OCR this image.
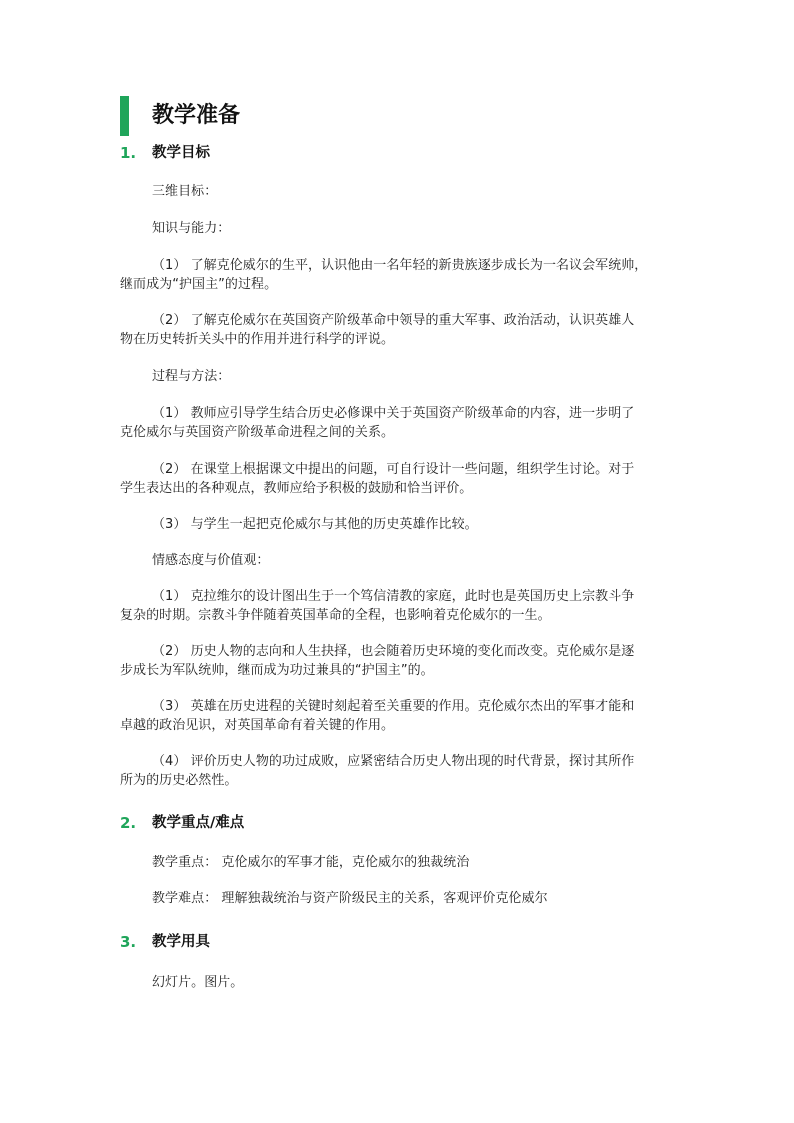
教学准备
1. 教学目标
三维目标：
知识与能力：
（1） 了解克伦威尔的生平，认识他由一名年轻的新贵族逐步成长为一名议会军统帅，
继而成为“护国主”的过程。
（2） 了解克伦威尔在英国资产阶级革命中领导的重大军事、政治活动，认识英雄人
物在历史转折关头中的作用并进行科学的评说。
过程与方法：
（1） 教师应引导学生结合历史必修课中关于英国资产阶级革命的内容，进一步明了
克伦威尔与英国资产阶级革命进程之间的关系。
（2） 在课堂上根据课文中提出的问题，可自行设计一些问题，组织学生讨论。对于
学生表达出的各种观点，教师应给予积极的鼓励和恰当评价。
（3） 与学生一起把克伦威尔与其他的历史英雄作比较。
情感态度与价值观：
（1） 克拉维尔的设计图出生于一个笃信清教的家庭，此时也是英国历史上宗教斗争
复杂的时期。宗教斗争伴随着英国革命的全程，也影响着克伦威尔的一生。
（2） 历史人物的志向和人生抉择，也会随着历史环境的变化而改变。克伦威尔是逐
步成长为军队统帅，继而成为功过兼具的“护国主”的。
（3） 英雄在历史进程的关键时刻起着至关重要的作用。克伦威尔杰出的军事才能和
卓越的政治见识，对英国革命有着关键的作用。
（4） 评价历史人物的功过成败，应紧密结合历史人物出现的时代背景，探讨其所作
所为的历史必然性。
2. 教学重点/难点
教学重点： 克伦威尔的军事才能，克伦威尔的独裁统治
教学难点： 理解独裁统治与资产阶级民主的关系，客观评价克伦威尔
3. 教学用具
幻灯片。图片。
